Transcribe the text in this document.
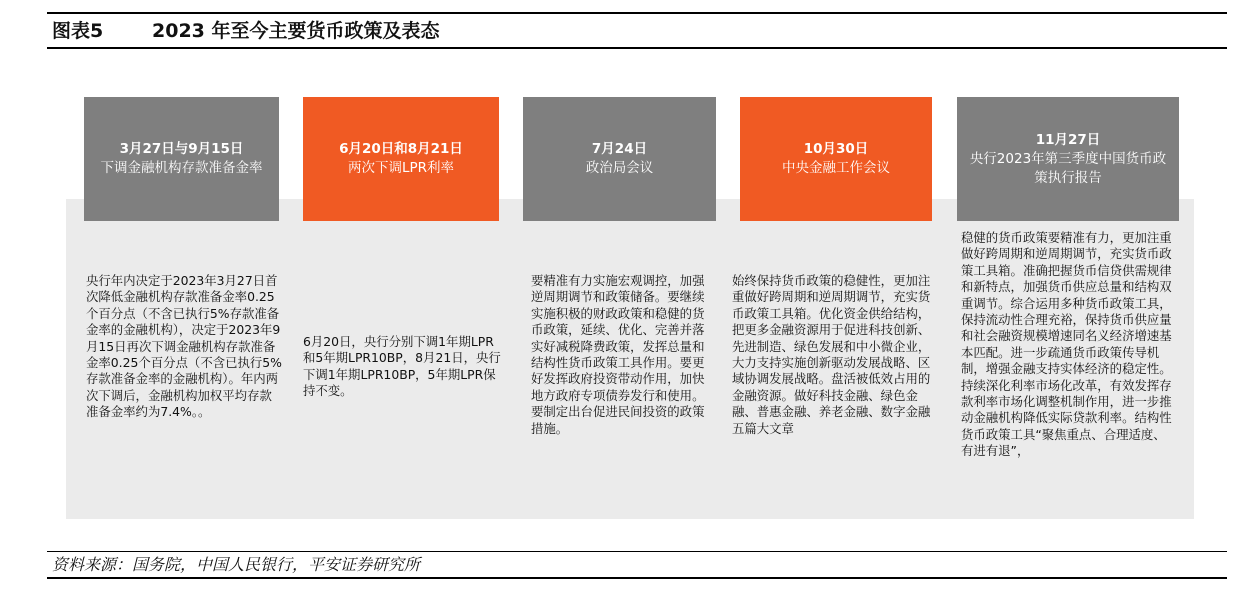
图表5	2023 年至今主要货币政策及表态
3月27日与9月15日
下调金融机构存款准备金率
6月20日和8月21日
两次下调LPR利率
7月24日
政治局会议
10月30日
中央金融工作会议
11月27日
央行2023年第三季度中国货币政策执行报告
央行年内决定于2023年3月27日首次降低金融机构存款准备金率0.25个百分点（不含已执行5%存款准备金率的金融机构），决定于2023年9月15日再次下调金融机构存款准备金率0.25个百分点（不含已执行5%存款准备金率的金融机构）。年内两次下调后，金融机构加权平均存款准备金率约为7.4%。。
6月20日，央行分别下调1年期LPR和5年期LPR10BP，8月21日，央行下调1年期LPR10BP，5年期LPR保持不变。
要精准有力实施宏观调控，加强逆周期调节和政策储备。要继续实施积极的财政政策和稳健的货币政策，延续、优化、完善并落实好减税降费政策，发挥总量和结构性货币政策工具作用。要更好发挥政府投资带动作用，加快地方政府专项债券发行和使用。要制定出台促进民间投资的政策措施。
始终保持货币政策的稳健性，更加注重做好跨周期和逆周期调节，充实货币政策工具箱。优化资金供给结构，把更多金融资源用于促进科技创新、先进制造、绿色发展和中小微企业，大力支持实施创新驱动发展战略、区域协调发展战略。盘活被低效占用的金融资源。做好科技金融、绿色金融、普惠金融、养老金融、数字金融五篇大文章
稳健的货币政策要精准有力，更加注重做好跨周期和逆周期调节，充实货币政策工具箱。准确把握货币信贷供需规律和新特点，加强货币供应总量和结构双重调节。综合运用多种货币政策工具，保持流动性合理充裕，保持货币供应量和社会融资规模增速同名义经济增速基本匹配。进一步疏通货币政策传导机制，增强金融支持实体经济的稳定性。持续深化利率市场化改革，有效发挥存款利率市场化调整机制作用，进一步推动金融机构降低实际贷款利率。结构性货币政策工具“聚焦重点、合理适度、有进有退”，
资料来源：国务院，中国人民银行，平安证券研究所
